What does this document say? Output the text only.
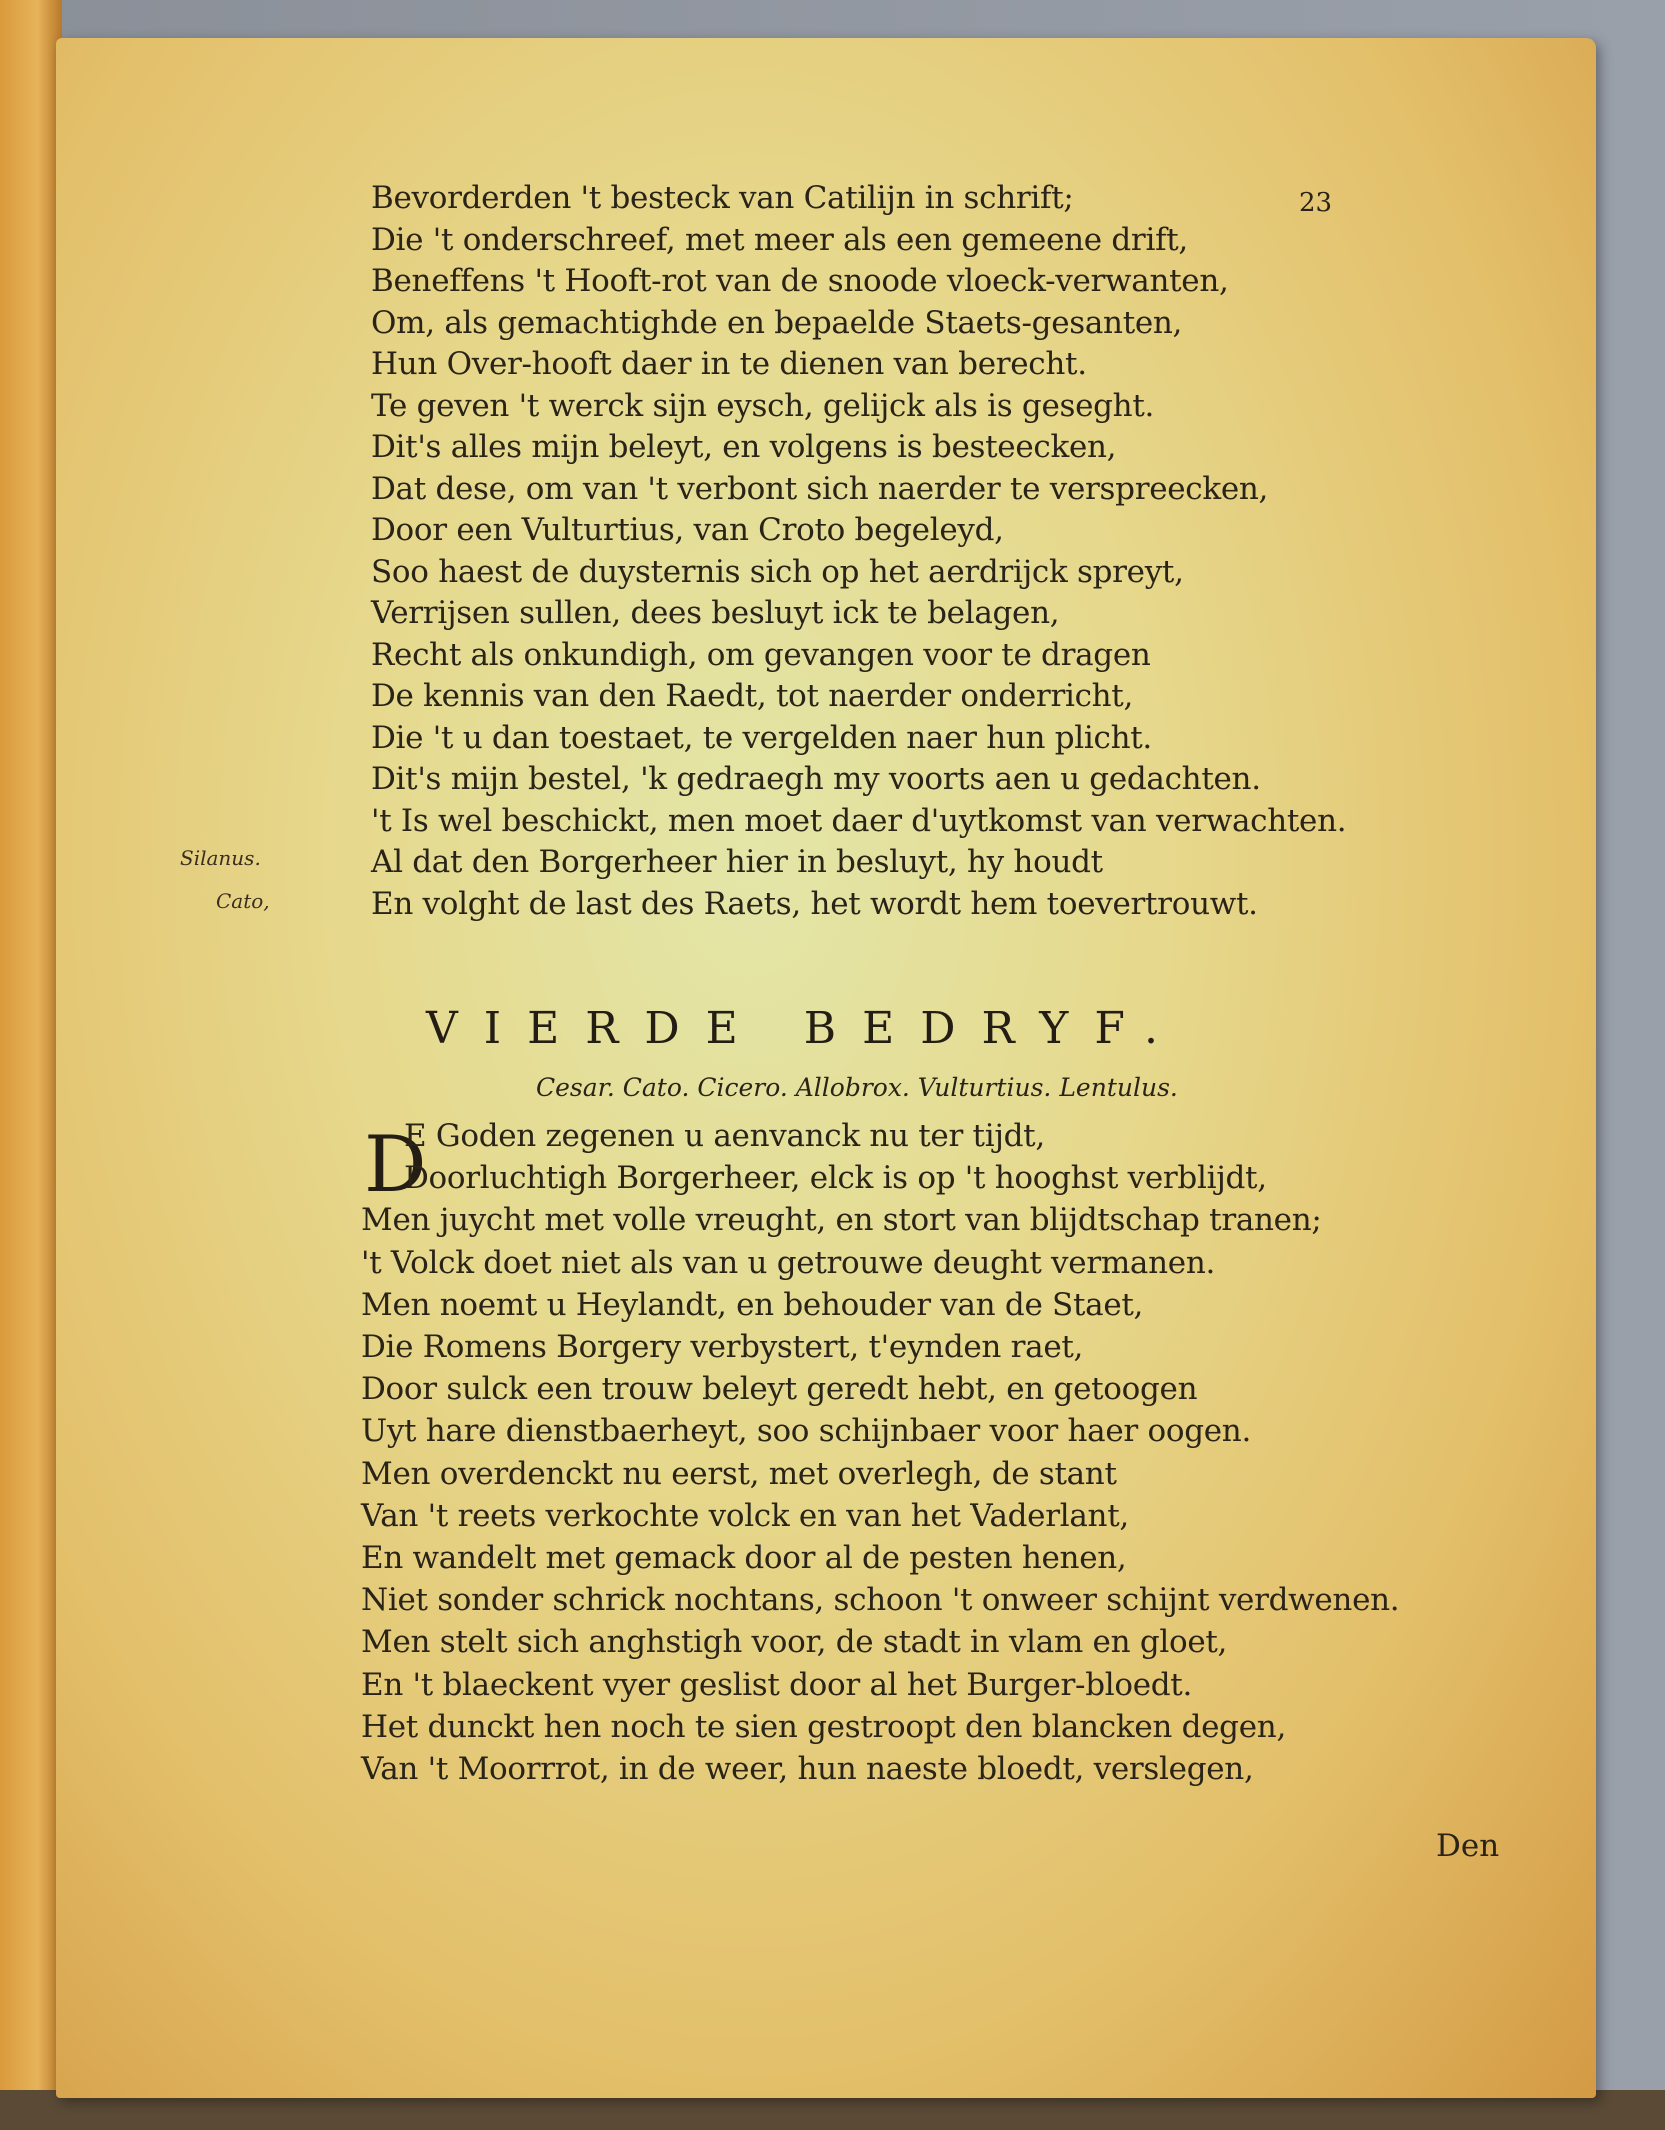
23
Bevorderden 't besteck van Catilijn in schrift;
Die 't onderschreef, met meer als een gemeene drift,
Beneffens 't Hooft-rot van de snoode vloeck-verwanten,
Om, als gemachtighde en bepaelde Staets-gesanten,
Hun Over-hooft daer in te dienen van berecht.
Te geven 't werck sijn eysch, gelijck als is geseght.
Dit's alles mijn beleyt, en volgens is besteecken,
Dat dese, om van 't verbont sich naerder te verspreecken,
Door een Vulturtius, van Croto begeleyd,
Soo haest de duysternis sich op het aerdrijck spreyt,
Verrijsen sullen, dees besluyt ick te belagen,
Recht als onkundigh, om gevangen voor te dragen
De kennis van den Raedt, tot naerder onderricht,
Die 't u dan toestaet, te vergelden naer hun plicht.
Dit's mijn bestel, 'k gedraegh my voorts aen u gedachten.
't Is wel beschickt, men moet daer d'uytkomst van verwachten.
Al dat den Borgerheer hier in besluyt, hy houdt
En volght de last des Raets, het wordt hem toevertrouwt.
Silanus.
Cato,
VIERDE BEDRYF.
Cesar. Cato. Cicero. Allobrox. Vulturtius. Lentulus.
D
E Goden zegenen u aenvanck nu ter tijdt,
Doorluchtigh Borgerheer, elck is op 't hooghst verblijdt,
Men juycht met volle vreught, en stort van blijdtschap tranen;
't Volck doet niet als van u getrouwe deught vermanen.
Men noemt u Heylandt, en behouder van de Staet,
Die Romens Borgery verbystert, t'eynden raet,
Door sulck een trouw beleyt geredt hebt, en getoogen
Uyt hare dienstbaerheyt, soo schijnbaer voor haer oogen.
Men overdenckt nu eerst, met overlegh, de stant
Van 't reets verkochte volck en van het Vaderlant,
En wandelt met gemack door al de pesten henen,
Niet sonder schrick nochtans, schoon 't onweer schijnt verdwenen.
Men stelt sich anghstigh voor, de stadt in vlam en gloet,
En 't blaeckent vyer geslist door al het Burger-bloedt.
Het dunckt hen noch te sien gestroopt den blancken degen,
Van 't Moorrrot, in de weer, hun naeste bloedt, verslegen,
Den
